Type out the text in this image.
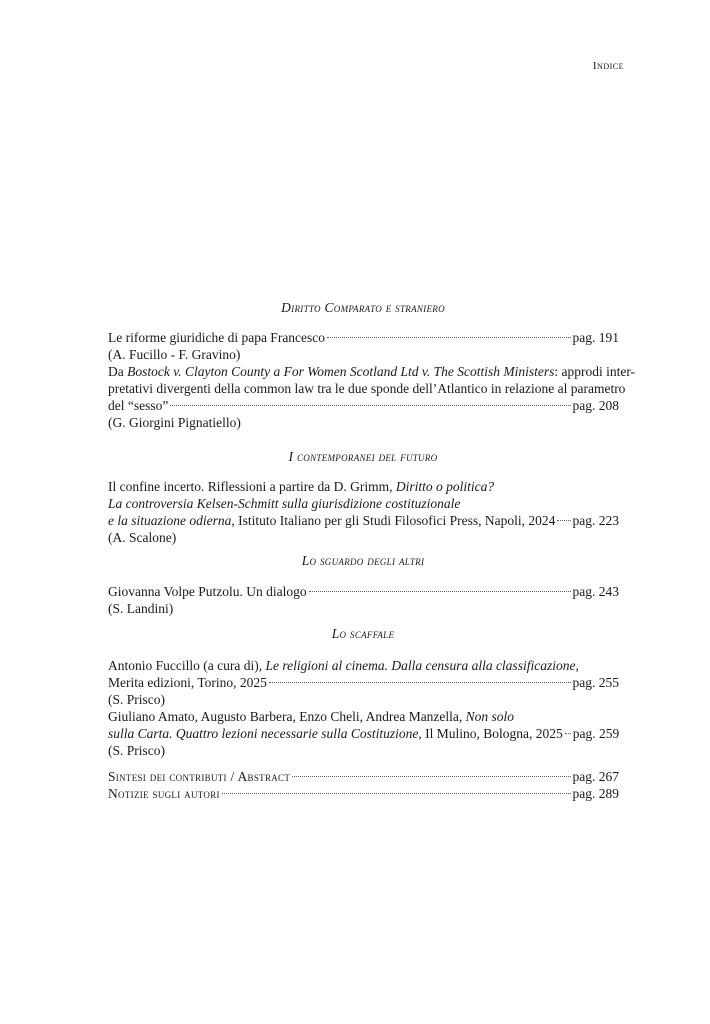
Indice
Diritto Comparato e straniero
Le riforme giuridiche di papa Francesco	pag. 191
(A. Fucillo - F. Gravino)
Da Bostock v. Clayton County a For Women Scotland Ltd v. The Scottish Ministers: approdi inter-
pretativi divergenti della common law tra le due sponde dell’Atlantico in relazione al parametro
del “sesso”	pag. 208
(G. Giorgini Pignatiello)
I contemporanei del futuro
Il confine incerto. Riflessioni a partire da D. Grimm, Diritto o politica?
La controversia Kelsen-Schmitt sulla giurisdizione costituzionale
e la situazione odierna, Istituto Italiano per gli Studi Filosofici Press, Napoli, 2024 pag. 223
(A. Scalone)
Lo sguardo degli altri
Giovanna Volpe Putzolu. Un dialogo	pag. 243
(S. Landini)
Lo scaffale
Antonio Fuccillo (a cura di), Le religioni al cinema. Dalla censura alla classificazione,
Merita edizioni, Torino, 2025	pag. 255
(S. Prisco)
Giuliano Amato, Augusto Barbera, Enzo Cheli, Andrea Manzella, Non solo
sulla Carta. Quattro lezioni necessarie sulla Costituzione, Il Mulino, Bologna, 2025 pag. 259
(S. Prisco)
Sintesi dei contributi / Abstract	pag. 267
Notizie sugli autori	pag. 289
